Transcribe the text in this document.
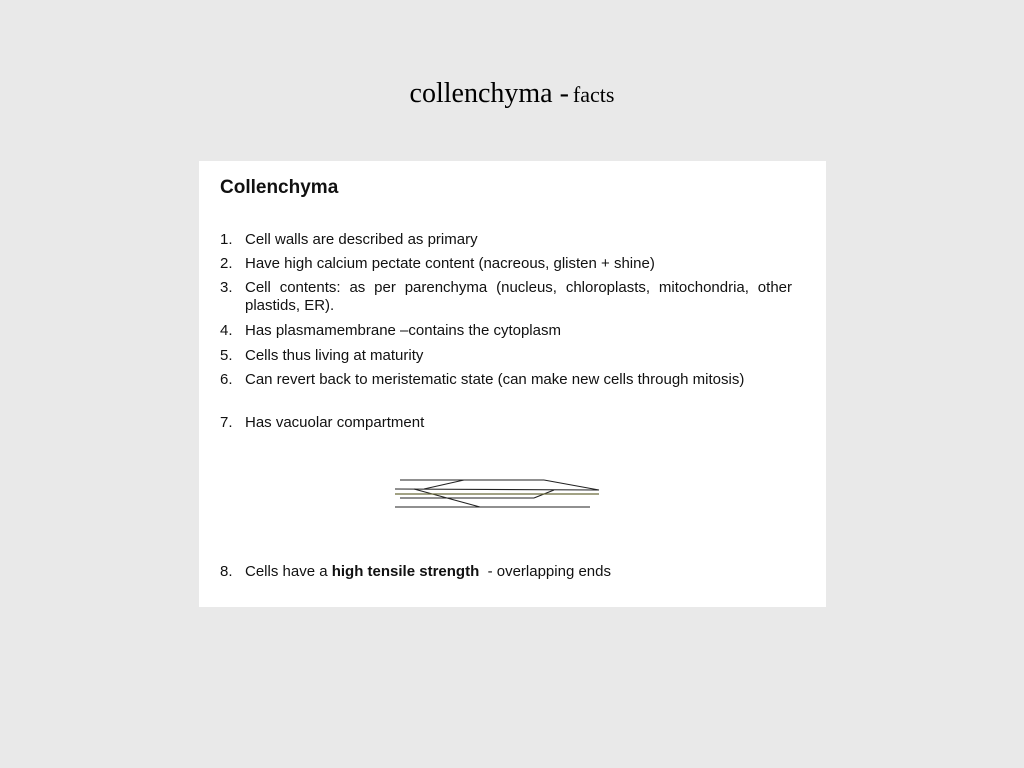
collenchyma - facts
Collenchyma
1. Cell walls are described as primary
2. Have high calcium pectate content (nacreous, glisten + shine)
3. Cell contents: as per parenchyma (nucleus, chloroplasts, mitochondria, other plastids, ER).
4. Has plasmamembrane –contains the cytoplasm
5. Cells thus living at maturity
6. Can revert back to meristematic state (can make new cells through mitosis)
7. Has vacuolar compartment
8. Cells have a high tensile strength  - overlapping ends
